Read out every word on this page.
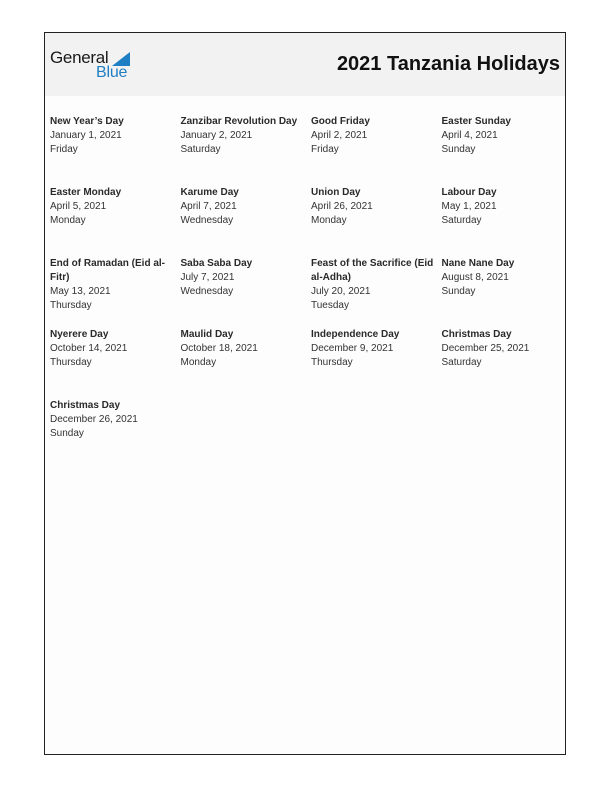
General
Blue	2021 Tanzania Holidays
New Year’s Day
January 1, 2021
Friday
Zanzibar Revolution Day
January 2, 2021
Saturday
Good Friday
April 2, 2021
Friday
Easter Sunday
April 4, 2021
Sunday
Easter Monday
April 5, 2021
Monday
Karume Day
April 7, 2021
Wednesday
Union Day
April 26, 2021
Monday
Labour Day
May 1, 2021
Saturday
End of Ramadan (Eid al-Fitr)
May 13, 2021
Thursday
Saba Saba Day
July 7, 2021
Wednesday
Feast of the Sacrifice (Eid al-Adha)
July 20, 2021
Tuesday
Nane Nane Day
August 8, 2021
Sunday
Nyerere Day
October 14, 2021
Thursday
Maulid Day
October 18, 2021
Monday
Independence Day
December 9, 2021
Thursday
Christmas Day
December 25, 2021
Saturday
Christmas Day
December 26, 2021
Sunday
